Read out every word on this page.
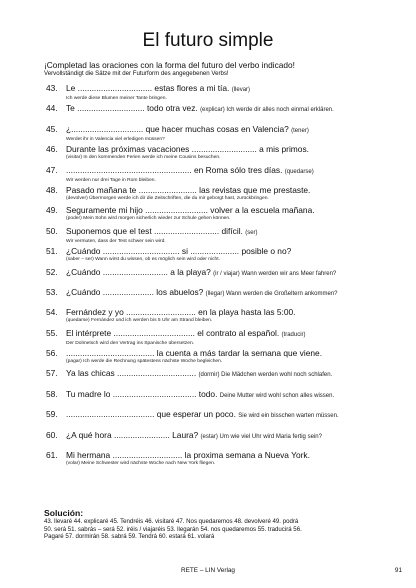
El futuro simple
¡Completad las oraciones con la forma del futuro del verbo indicado!
Vervollständigt die Sätze mit der Futurform des angegebenen Verbs!
43. Le ................................ estas flores a mi tía. (llevar)
Ich werde diese Blumen meiner Tante bringen.
44. Te ............................. todo otra vez. (explicar) Ich werde dir alles noch einmal erklären.
45. ¿............................... que hacer muchas cosas en Valencia? (tener)
Werdet ihr in Valencia viel erledigen müssen?
46. Durante las próximas vacaciones ............................ a mis primos.
(visitar) In den kommenden Ferien werde ich meine Cousins besuchen.
47. ...................................................... en Roma sólo tres días. (quedarse)
Wir werden nur drei Tage in Rom bleiben.
48. Pasado mañana te ......................... las revistas que me prestaste.
(devolver) Übermorgen werde ich dir die Zeitschriften, die du mir geborgt hast, zurückbringen.
49. Seguramente mi hijo ........................... volver a la escuela mañana.
(poder) Mein Sohn wird morgen sicherlich wieder zur Schule gehen können.
50. Suponemos que el test ............................ difícil. (ser)
Wir vermuten, dass der Test schwer sein wird.
51. ¿Cuándo ................................. si ..................... posible o no?
(saber – ser) Wann wirst du wissen, ob es möglich sein wird oder nicht.
52. ¿Cuándo ............................ a la playa? (ir / viajar) Wann werden wir ans Meer fahren?
53. ¿Cuándo ...................... los abuelos? (llegar) Wann werden die Großeltern ankommen?
54. Fernández y yo .............................. en la playa hasta las 5:00.
(quedarse) Fernández und ich werden bis 5 Uhr am Strand bleiben.
55. El intérprete ................................... el contrato al español. (traducir)
Der Dolmetsch wird den Vertrag ins Spanische übersetzen.
56. ...................................... la cuenta a más tardar la semana que viene.
(pagar) Ich werde die Rechnung spätestens nächste Woche begleichen.
57. Ya las chicas .................................. (dormir) Die Mädchen werden wohl noch schlafen.
58. Tu madre lo .................................... todo. Deine Mutter wird wohl schon alles wissen.
59. ...................................... que esperar un poco. Sie wird ein bisschen warten müssen.
60. ¿A qué hora ........................ Laura? (estar) Um wie viel Uhr wird Maria fertig sein?
61. Mi hermana .............................. la proxima semana a Nueva York.
(volar) Meine Schwester wird nächste Woche nach New York fliegen.
Solución:
43. llevaré 44. explicaré 45. Tendréis 46. visitaré 47. Nos quedaremos 48. devolveré 49. podrá
50. será 51. sabrás – será 52. iréis / viajaréis 53. llegarán 54. nos quedaremos 55. traducirá 56.
Pagaré 57. dormirán 58. sabrá 59. Tendrá 60. estará 61. volará
RETE – LIN Verlag	91
